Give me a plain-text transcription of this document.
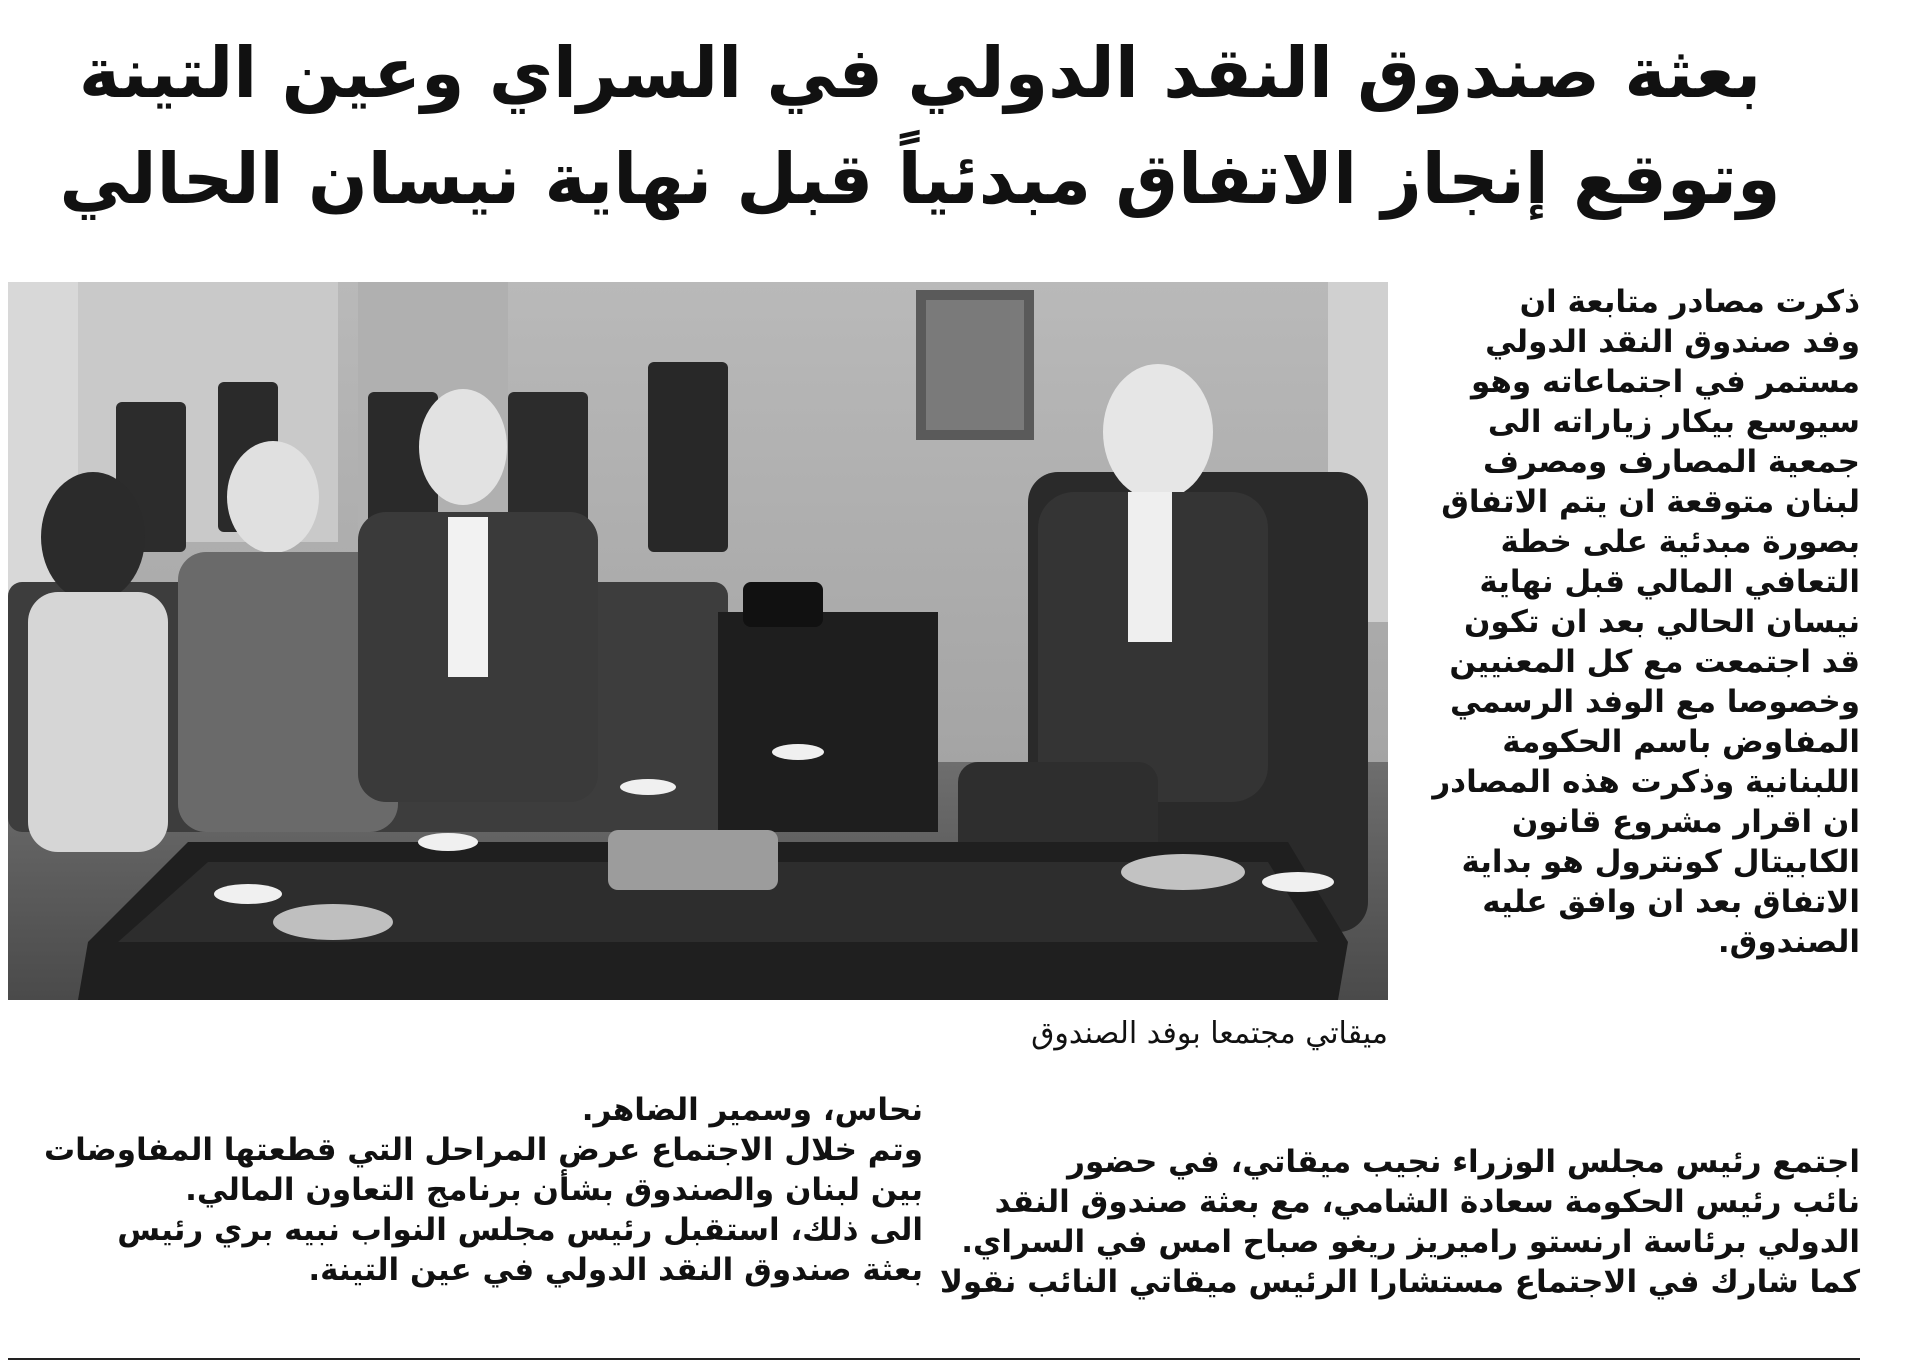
بعثة صندوق النقد الدولي في السراي وعين التينة
وتوقع إنجاز الاتفاق مبدئياً قبل نهاية نيسان الحالي
ميقاتي مجتمعا بوفد الصندوق
ذكرت مصادر متابعة ان
وفد صندوق النقد الدولي
مستمر في اجتماعاته وهو
سيوسع بيكار زياراته الى
جمعية المصارف ومصرف
لبنان متوقعة ان يتم الاتفاق
بصورة مبدئية على خطة
التعافي المالي قبل نهاية
نيسان الحالي بعد ان تكون
قد اجتمعت مع كل المعنيين
وخصوصا مع الوفد الرسمي
المفاوض باسم الحكومة
اللبنانية وذكرت هذه المصادر
ان اقرار مشروع قانون
الكابيتال كونترول هو بداية
الاتفاق بعد ان وافق عليه
الصندوق.
اجتمع رئيس مجلس الوزراء نجيب ميقاتي، في حضور
نائب رئيس الحكومة سعادة الشامي، مع بعثة صندوق النقد
الدولي برئاسة ارنستو راميريز ريغو صباح امس في السراي.
كما شارك في الاجتماع مستشارا الرئيس ميقاتي النائب نقولا
نحاس، وسمير الضاهر.
وتم خلال الاجتماع عرض المراحل التي قطعتها المفاوضات
بين لبنان والصندوق بشأن برنامج التعاون المالي.
الى ذلك، استقبل رئيس مجلس النواب نبيه بري رئيس
بعثة صندوق النقد الدولي في عين التينة.
